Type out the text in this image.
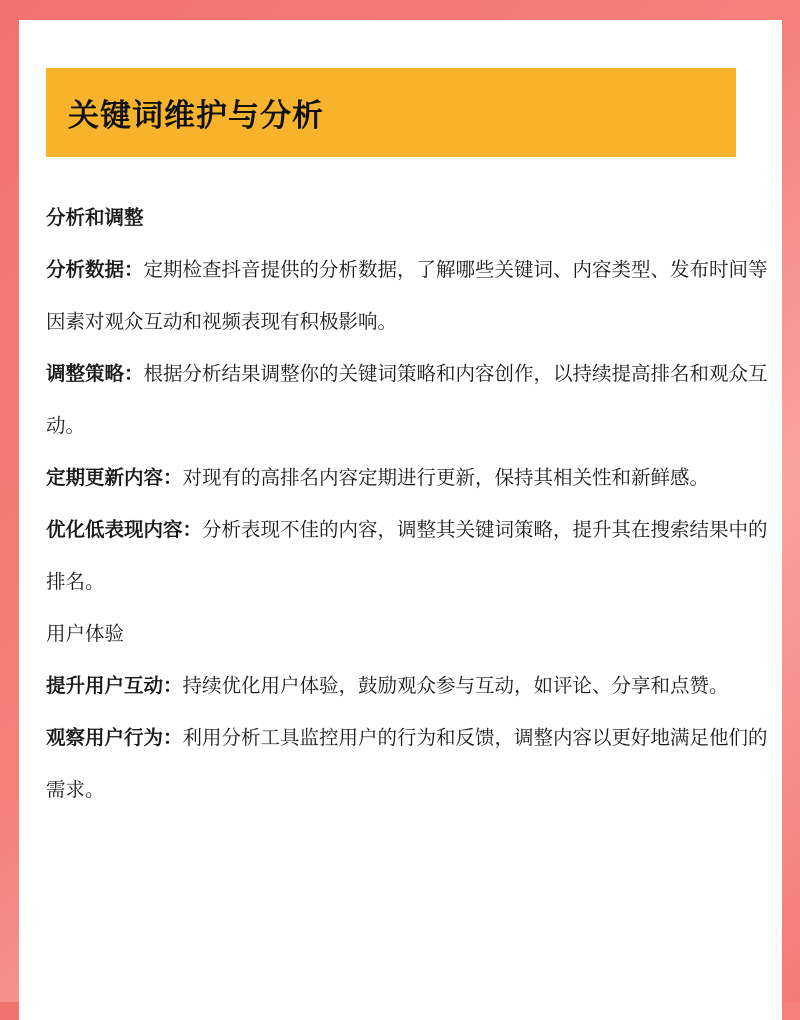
关键词维护与分析

分析和调整

分析数据：定期检查抖音提供的分析数据，了解哪些关键词、内容类型、发布时间等因素对观众互动和视频表现有积极影响。

调整策略：根据分析结果调整你的关键词策略和内容创作，以持续提高排名和观众互动。

定期更新内容：对现有的高排名内容定期进行更新，保持其相关性和新鲜感。

优化低表现内容：分析表现不佳的内容，调整其关键词策略，提升其在搜索结果中的排名。

用户体验

提升用户互动：持续优化用户体验，鼓励观众参与互动，如评论、分享和点赞。

观察用户行为：利用分析工具监控用户的行为和反馈，调整内容以更好地满足他们的需求。
